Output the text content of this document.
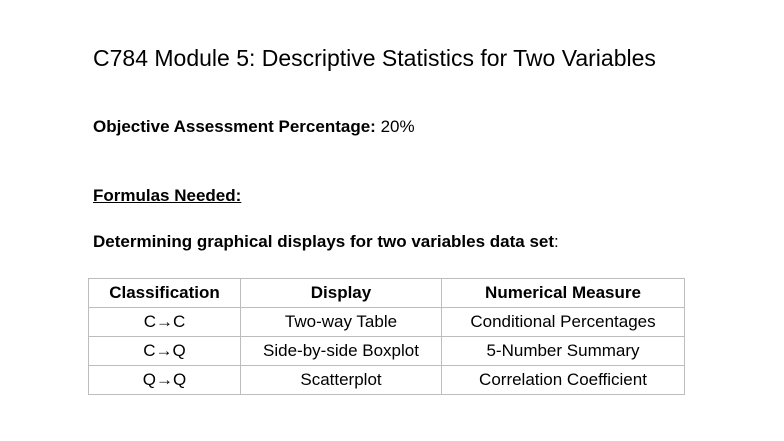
C784 Module 5: Descriptive Statistics for Two Variables
Objective Assessment Percentage: 20%
Formulas Needed:
Determining graphical displays for two variables data set:
Classification	Display	Numerical Measure
C→C	Two-way Table	Conditional Percentages
C→Q	Side-by-side Boxplot	5-Number Summary
Q→Q	Scatterplot	Correlation Coefficient
